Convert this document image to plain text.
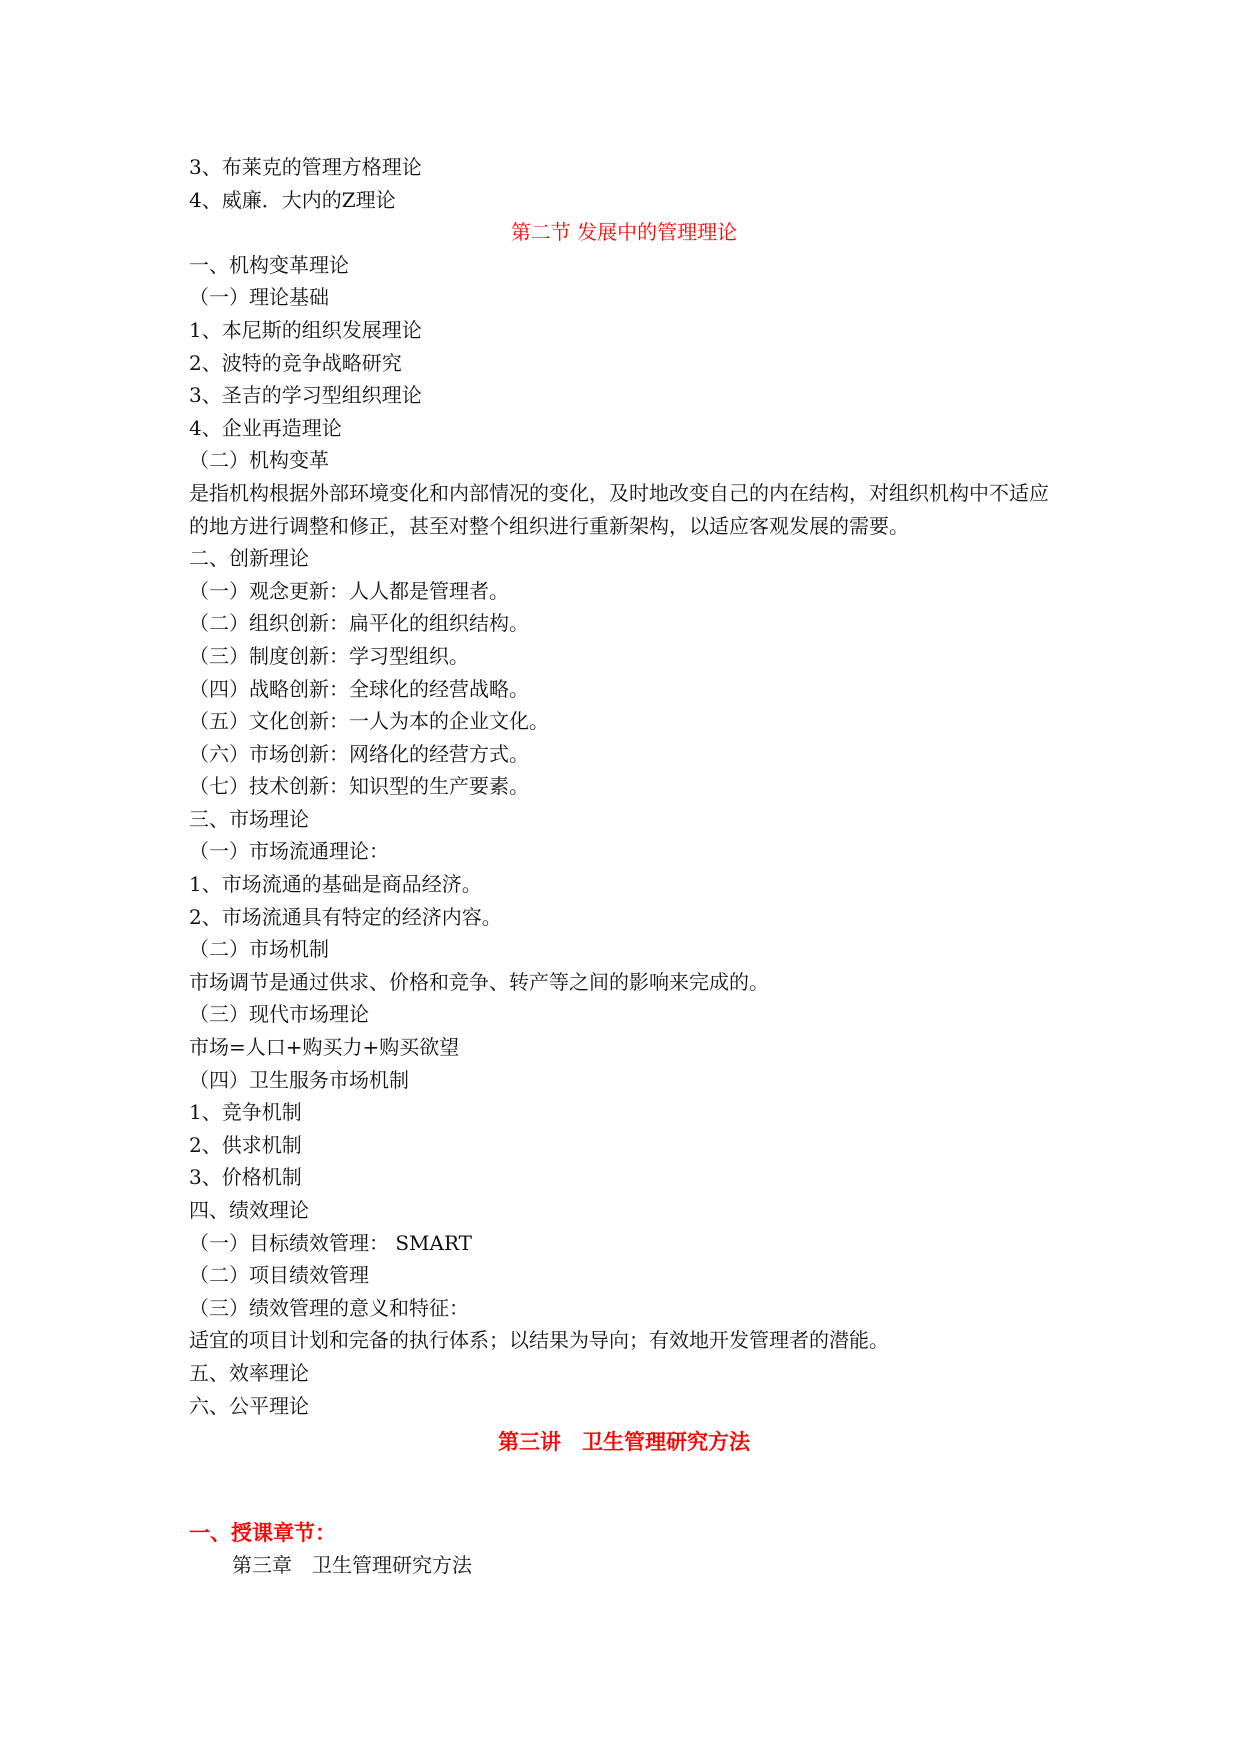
3、布莱克的管理方格理论
4、威廉．大内的Z理论
第二节 发展中的管理理论
一、机构变革理论
（一）理论基础
1、本尼斯的组织发展理论
2、波特的竞争战略研究
3、圣吉的学习型组织理论
4、企业再造理论
（二）机构变革
是指机构根据外部环境变化和内部情况的变化，及时地改变自己的内在结构，对组织机构中不适应的地方进行调整和修正，甚至对整个组织进行重新架构，以适应客观发展的需要。
二、创新理论
（一）观念更新：人人都是管理者。
（二）组织创新：扁平化的组织结构。
（三）制度创新：学习型组织。
（四）战略创新：全球化的经营战略。
（五）文化创新：一人为本的企业文化。
（六）市场创新：网络化的经营方式。
（七）技术创新：知识型的生产要素。
三、市场理论
（一）市场流通理论：
1、市场流通的基础是商品经济。
2、市场流通具有特定的经济内容。
（二）市场机制
市场调节是通过供求、价格和竞争、转产等之间的影响来完成的。
（三）现代市场理论
市场=人口+购买力+购买欲望
（四）卫生服务市场机制
1、竞争机制
2、供求机制
3、价格机制
四、绩效理论
（一）目标绩效管理： SMART
（二）项目绩效管理
（三）绩效管理的意义和特征：
适宜的项目计划和完备的执行体系；以结果为导向；有效地开发管理者的潜能。
五、效率理论
六、公平理论
第三讲　卫生管理研究方法
一、授课章节：
第三章　卫生管理研究方法
